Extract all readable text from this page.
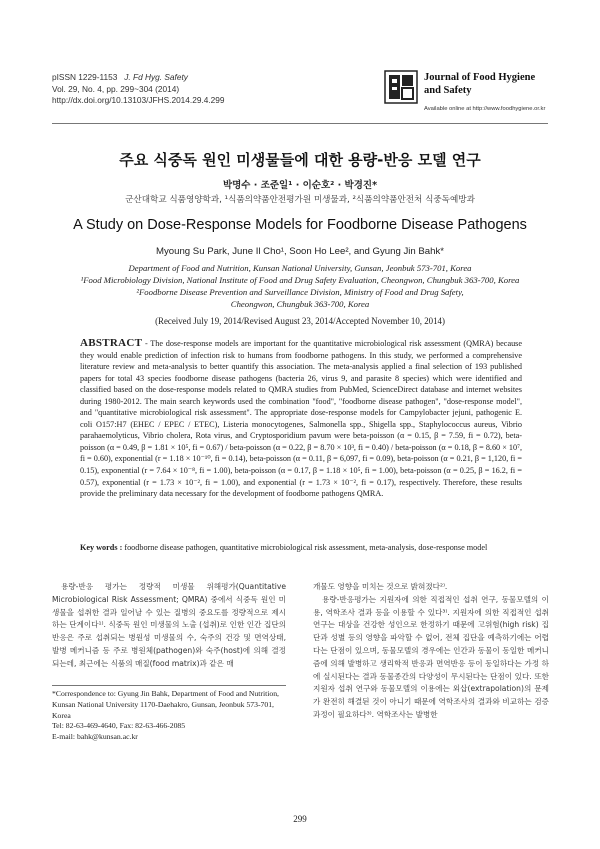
pISSN 1229-1153 J. Fd Hyg. Safety
Vol. 29, No. 4, pp. 299~304 (2014)
http://dx.doi.org/10.13103/JFHS.2014.29.4.299
Journal of Food Hygiene
and Safety
Available online at http://www.foodhygiene.or.kr
주요 식중독 원인 미생물들에 대한 용량-반응 모델 연구
박명수 · 조준일¹ · 이순호² · 박경진*
군산대학교 식품영양학과, ¹식품의약품안전평가원 미생물과, ²식품의약품안전처 식중독예방과
A Study on Dose-Response Models for Foodborne Disease Pathogens
Myoung Su Park, June Il Cho¹, Soon Ho Lee², and Gyung Jin Bahk*
Department of Food and Nutrition, Kunsan National University, Gunsan, Jeonbuk 573-701, Korea
¹Food Microbiology Division, National Institute of Food and Drug Safety Evaluation, Cheongwon, Chungbuk 363-700, Korea
²Foodborne Disease Prevention and Surveillance Division, Ministry of Food and Drug Safety,
Cheongwon, Chungbuk 363-700, Korea
(Received July 19, 2014/Revised August 23, 2014/Accepted November 10, 2014)
ABSTRACT - The dose-response models are important for the quantitative microbiological risk assessment (QMRA) because they would enable prediction of infection risk to humans from foodborne pathogens. In this study, we performed a comprehensive literature review and meta-analysis to better quantify this association. The meta-analysis applied a final selection of 193 published papers for total 43 species foodborne disease pathogens (bacteria 26, virus 9, and parasite 8 species) which were identified and classified based on the dose-response models related to QMRA studies from PubMed, ScienceDirect database and internet websites during 1980-2012. The main search keywords used the combination "food", "foodborne disease pathogen", "dose-response model", and "quantitative microbiological risk assessment". The appropriate dose-response models for Campylobacter jejuni, pathogenic E. coli O157:H7 (EHEC / EPEC / ETEC), Listeria monocytogenes, Salmonella spp., Shigella spp., Staphylococcus aureus, Vibrio parahaemolyticus, Vibrio cholera, Rota virus, and Cryptosporidium pavum were beta-poisson (α = 0.15, β = 7.59, fi = 0.72), beta-poisson (α = 0.49, β = 1.81 × 10⁵, fi = 0.67) / beta-poisson (α = 0.22, β = 8.70 × 10³, fi = 0.40) / beta-poisson (α = 0.18, β = 8.60 × 10⁷, fi = 0.60), exponential (r = 1.18 × 10⁻¹⁰, fi = 0.14), beta-poisson (α = 0.11, β = 6,097, fi = 0.09), beta-poisson (α = 0.21, β = 1,120, fi = 0.15), exponential (r = 7.64 × 10⁻⁸, fi = 1.00), beta-poisson (α = 0.17, β = 1.18 × 10⁵, fi = 1.00), beta-poisson (α = 0.25, β = 16.2, fi = 0.57), exponential (r = 1.73 × 10⁻², fi = 1.00), and exponential (r = 1.73 × 10⁻², fi = 0.17), respectively. Therefore, these results provide the preliminary data necessary for the development of foodborne pathogens QMRA.
Key words : foodborne disease pathogen, quantitative microbiological risk assessment, meta-analysis, dose-response model

용량-반응 평가는 정량적 미생물 위해평가(Quantitative Microbiological Risk Assessment; QMRA) 중에서 식중독 원인 미생물을 섭취한 결과 일어날 수 있는 질병의 중요도를 정량적으로 제시하는 단계이다¹⁾. 식중독 원인 미생물의 노출 (섭취)로 인한 인간 집단의 반응은 주로 섭취되는 병원성 미생물의 수, 숙주의 건강 및 면역상태, 발병 메커니즘 등 주로 병원체(pathogen)와 숙주(host)에 의해 결정되는데, 최근에는 식품의 매질(food matrix)과 같은 매

개물도 영향을 미치는 것으로 밝혀졌다²⁾.

용량-반응평가는 지원자에 의한 직접적인 섭취 연구, 동물모델의 이용, 역학조사 결과 등을 이용할 수 있다³⁾. 지원자에 의한 직접적인 섭취 연구는 대상을 건강한 성인으로 한정하기 때문에 고위험(high risk) 집단과 성별 등의 영향을 파악할 수 없어, 전체 집단을 예측하기에는 어렵다는 단점이 있으며, 동물모델의 경우에는 인간과 동물이 동일한 메커니즘에 의해 발병하고 생리학적 반응과 면역반응 등이 동일하다는 가정 하에 실시된다는 결과 동물종간의 다양성이 무시된다는 단점이 있다. 또한 지원자 섭취 연구와 동물모델의 이용에는 외삽(extrapolation)의 문제가 완전히 해결된 것이 아니기 때문에 역학조사의 결과와 비교하는 검증 과정이 필요하다³⁾. 역학조사는 발병한

*Correspondence to: Gyung Jin Bahk, Department of Food and Nutrition, Kunsan National University 1170-Daehakro, Gunsan, Jeonbuk 573-701, Korea

Tel: 82-63-469-4640, Fax: 82-63-466-2085

E-mail: bahk@kunsan.ac.kr

299
